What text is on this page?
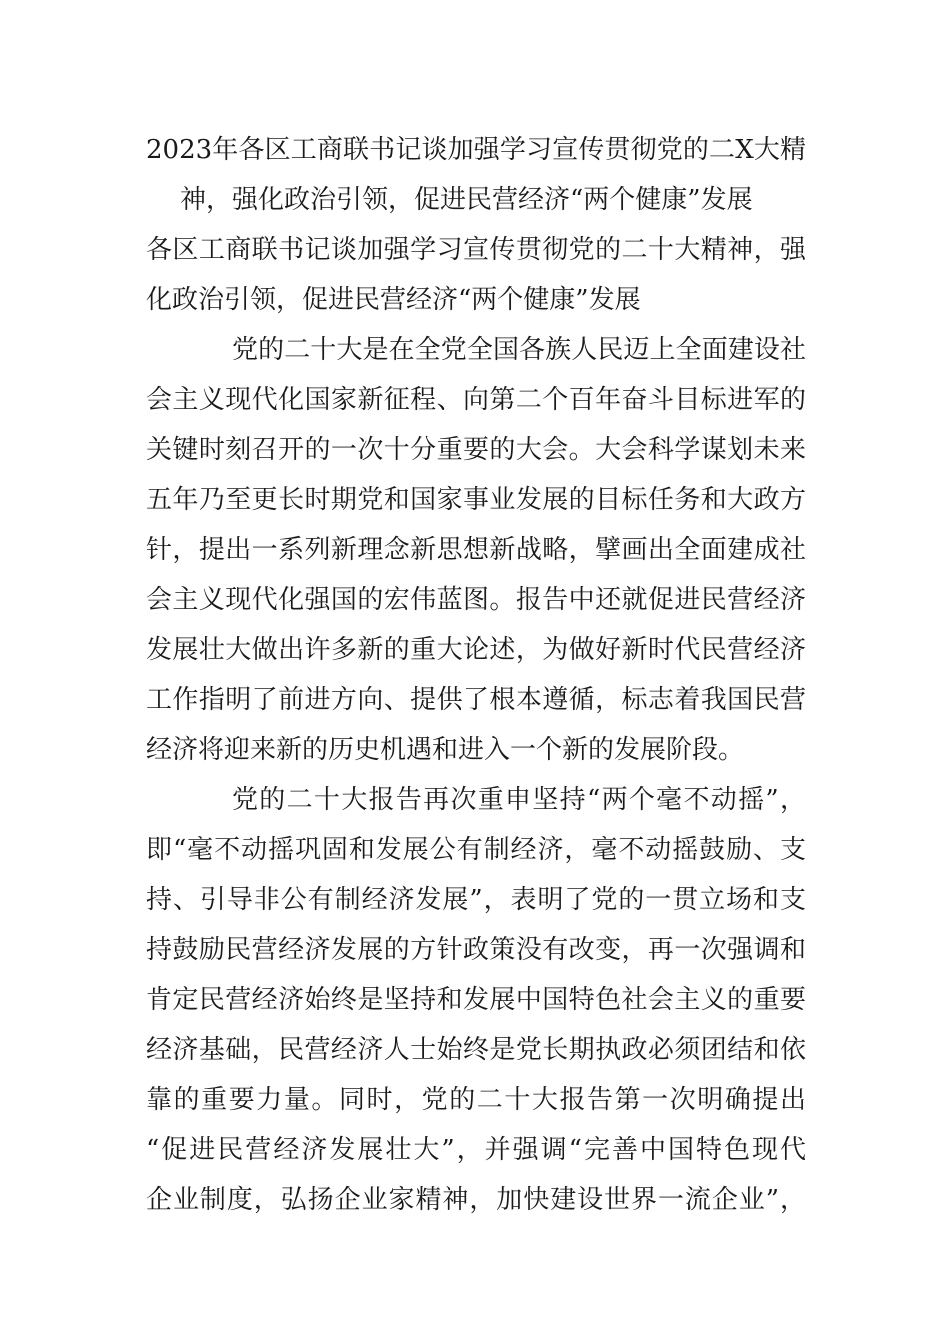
2023年各区工商联书记谈加强学习宣传贯彻党的二X大精
神，强化政治引领，促进民营经济“两个健康”发展
各区工商联书记谈加强学习宣传贯彻党的二十大精神，强
化政治引领，促进民营经济“两个健康”发展
党的二十大是在全党全国各族人民迈上全面建设社
会主义现代化国家新征程、向第二个百年奋斗目标进军的
关键时刻召开的一次十分重要的大会。大会科学谋划未来
五年乃至更长时期党和国家事业发展的目标任务和大政方
针，提出一系列新理念新思想新战略，擘画出全面建成社
会主义现代化强国的宏伟蓝图。报告中还就促进民营经济
发展壮大做出许多新的重大论述，为做好新时代民营经济
工作指明了前进方向、提供了根本遵循，标志着我国民营
经济将迎来新的历史机遇和进入一个新的发展阶段。
党的二十大报告再次重申坚持“两个毫不动摇”，
即“毫不动摇巩固和发展公有制经济，毫不动摇鼓励、支
持、引导非公有制经济发展”，表明了党的一贯立场和支
持鼓励民营经济发展的方针政策没有改变，再一次强调和
肯定民营经济始终是坚持和发展中国特色社会主义的重要
经济基础，民营经济人士始终是党长期执政必须团结和依
靠的重要力量。同时，党的二十大报告第一次明确提出
“促进民营经济发展壮大”，并强调“完善中国特色现代
企业制度，弘扬企业家精神，加快建设世界一流企业”，
